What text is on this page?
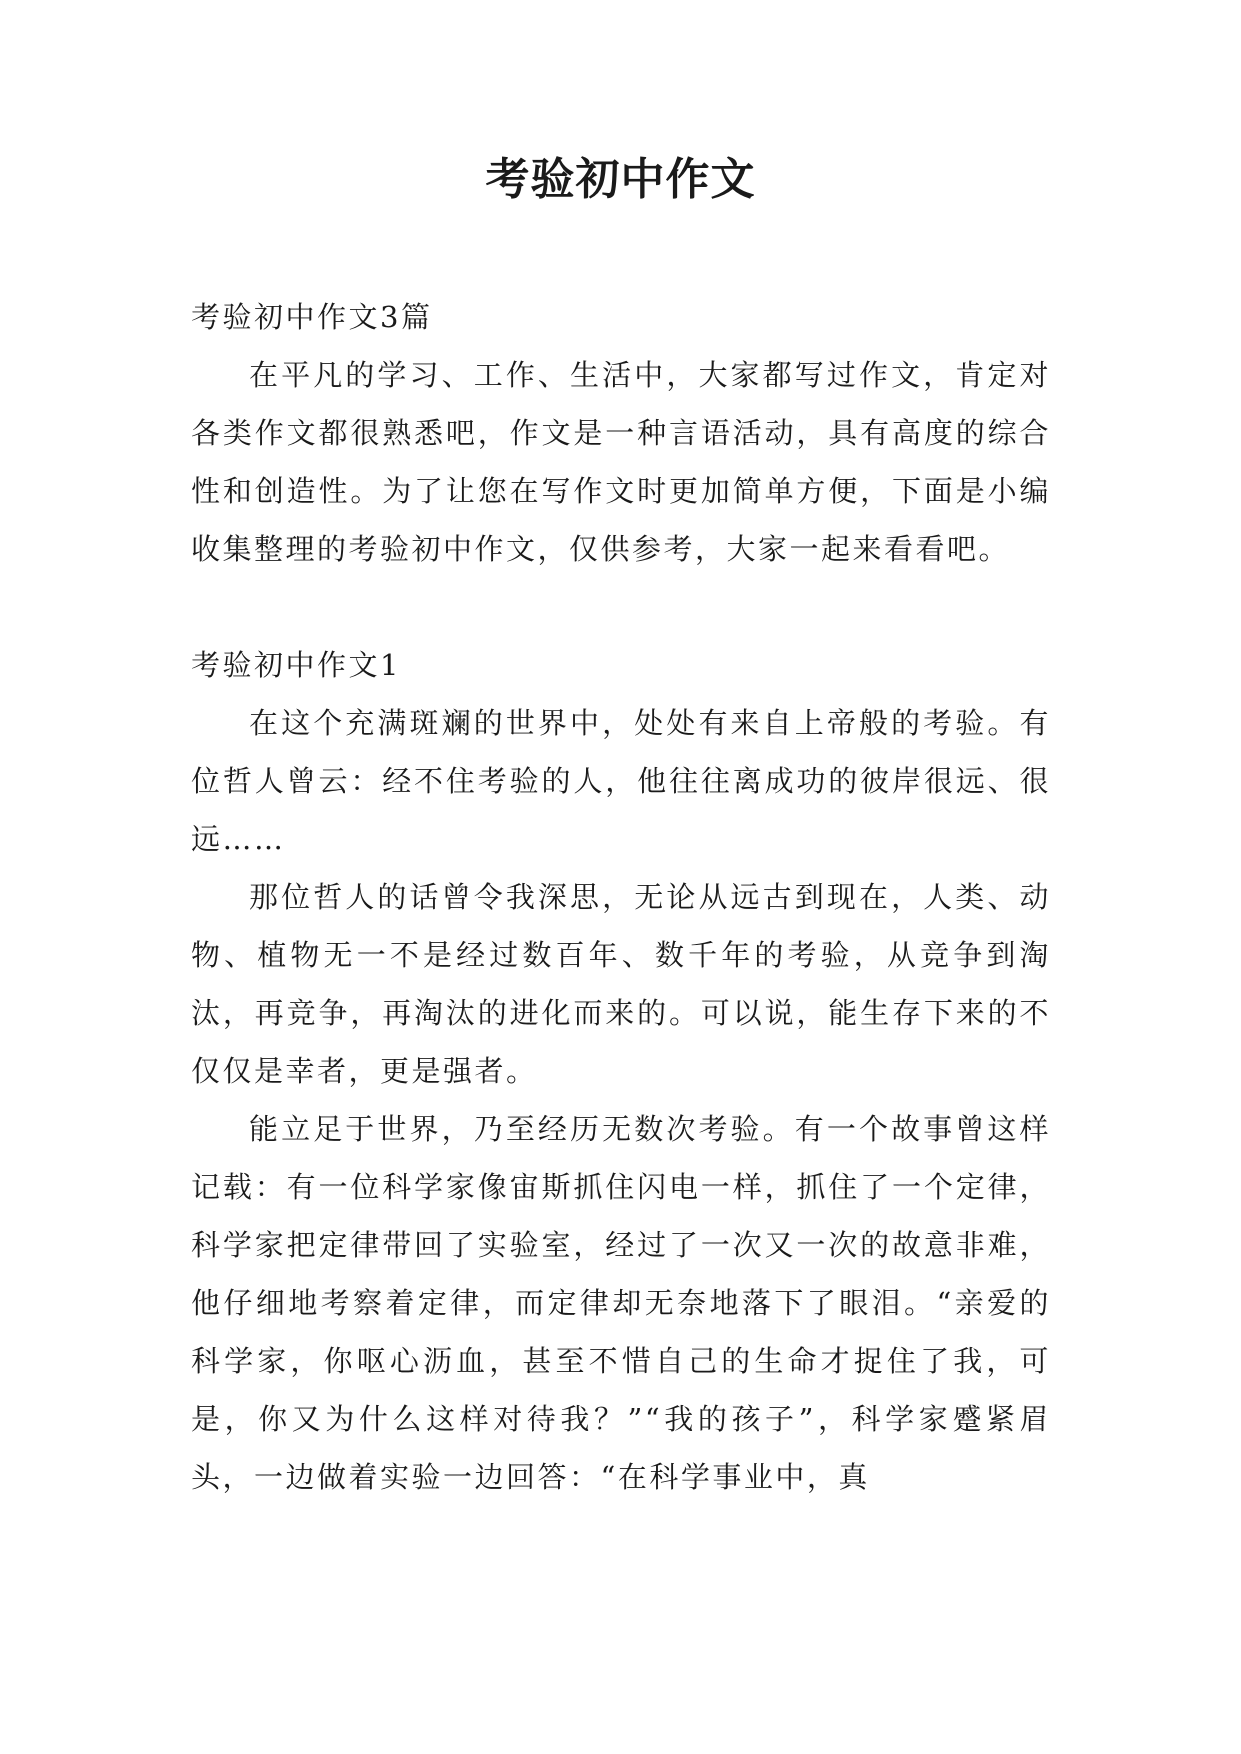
考验初中作文

考验初中作文3篇

在平凡的学习、工作、生活中，大家都写过作文，肯定对各类作文都很熟悉吧，作文是一种言语活动，具有高度的综合性和创造性。为了让您在写作文时更加简单方便，下面是小编收集整理的考验初中作文，仅供参考，大家一起来看看吧。

考验初中作文1

在这个充满斑斓的世界中，处处有来自上帝般的考验。有位哲人曾云：经不住考验的人，他往往离成功的彼岸很远、很远……

那位哲人的话曾令我深思，无论从远古到现在，人类、动物、植物无一不是经过数百年、数千年的考验，从竞争到淘汰，再竞争，再淘汰的进化而来的。可以说，能生存下来的不仅仅是幸者，更是强者。

能立足于世界，乃至经历无数次考验。有一个故事曾这样记载：有一位科学家像宙斯抓住闪电一样，抓住了一个定律，科学家把定律带回了实验室，经过了一次又一次的故意非难，他仔细地考察着定律，而定律却无奈地落下了眼泪。“亲爱的科学家，你呕心沥血，甚至不惜自己的生命才捉住了我，可是，你又为什么这样对待我？”“我的孩子”，科学家蹙紧眉头，一边做着实验一边回答：“在科学事业中，真
